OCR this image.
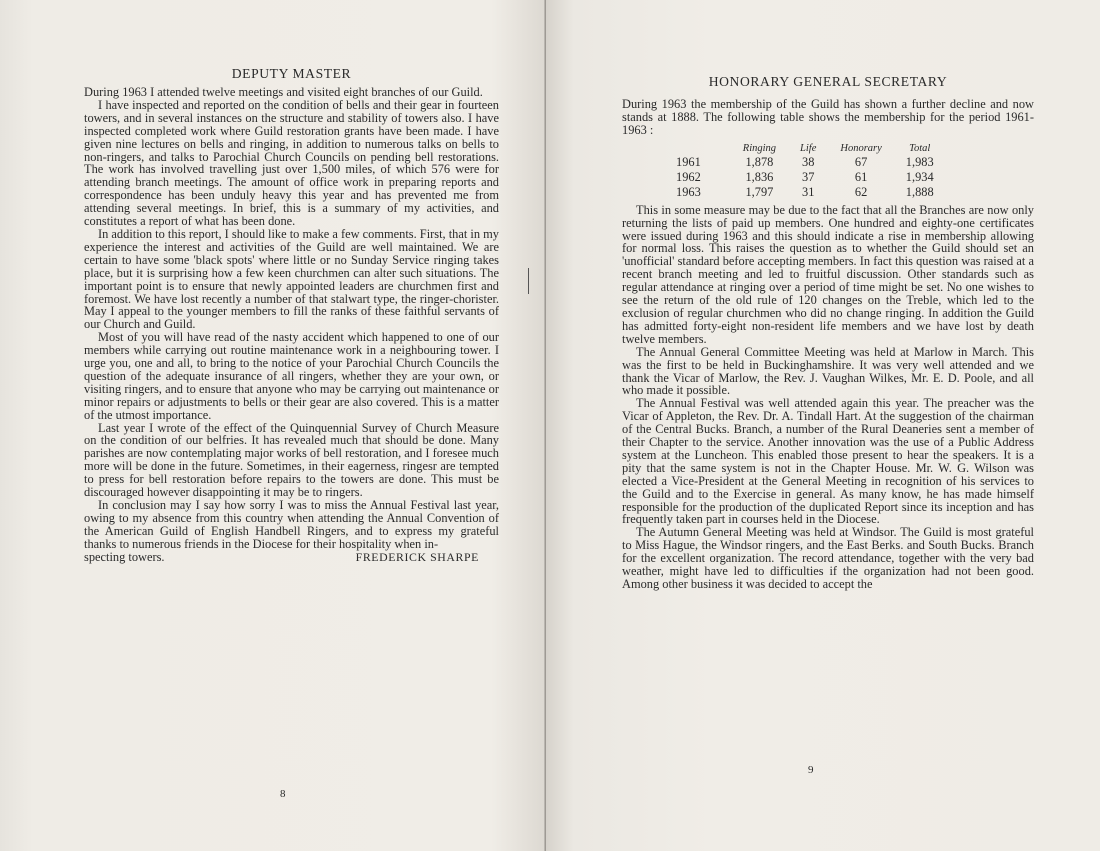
DEPUTY MASTER

During 1963 I attended twelve meetings and visited eight branches of our Guild.

I have inspected and reported on the condition of bells and their gear in fourteen towers, and in several instances on the structure and stability of towers also. I have inspected completed work where Guild restoration grants have been made. I have given nine lectures on bells and ringing, in addition to numerous talks on bells to non-ringers, and talks to Parochial Church Councils on pending bell restorations. The work has involved travelling just over 1,500 miles, of which 576 were for attending branch meetings. The amount of office work in preparing reports and correspondence has been unduly heavy this year and has prevented me from attending several meetings. In brief, this is a summary of my activities, and constitutes a report of what has been done.

In addition to this report, I should like to make a few comments. First, that in my experience the interest and activities of the Guild are well maintained. We are certain to have some 'black spots' where little or no Sunday Service ringing takes place, but it is surprising how a few keen churchmen can alter such situations. The important point is to ensure that newly appointed leaders are churchmen first and foremost. We have lost recently a number of that stalwart type, the ringer-chorister. May I appeal to the younger members to fill the ranks of these faithful servants of our Church and Guild.

Most of you will have read of the nasty accident which happened to one of our members while carrying out routine maintenance work in a neighbouring tower. I urge you, one and all, to bring to the notice of your Parochial Church Councils the question of the adequate insurance of all ringers, whether they are your own, or visiting ringers, and to ensure that anyone who may be carrying out maintenance or minor repairs or adjustments to bells or their gear are also covered. This is a matter of the utmost importance.

Last year I wrote of the effect of the Quinquennial Survey of Church Measure on the condition of our belfries. It has revealed much that should be done. Many parishes are now contemplating major works of bell restoration, and I foresee much more will be done in the future. Sometimes, in their eagerness, ringesr are tempted to press for bell restoration before repairs to the towers are done. This must be discouraged however disappointing it may be to ringers.

In conclusion may I say how sorry I was to miss the Annual Festival last year, owing to my absence from this country when attending the Annual Convention of the American Guild of English Handbell Ringers, and to express my grateful thanks to numerous friends in the Diocese for their hospitality when in-

specting towers.	FREDERICK SHARPE
8
HONORARY GENERAL SECRETARY

During 1963 the membership of the Guild has shown a further decline and now stands at 1888. The following table shows the membership for the period 1961-1963 :

	Ringing	Life	Honorary	Total
1961	1,878	38	67	1,983
1962	1,836	37	61	1,934
1963	1,797	31	62	1,888

This in some measure may be due to the fact that all the Branches are now only returning the lists of paid up members. One hundred and eighty-one certificates were issued during 1963 and this should indicate a rise in membership allowing for normal loss. This raises the question as to whether the Guild should set an 'unofficial' standard before accepting members. In fact this question was raised at a recent branch meeting and led to fruitful discussion. Other standards such as regular attendance at ringing over a period of time might be set. No one wishes to see the return of the old rule of 120 changes on the Treble, which led to the exclusion of regular churchmen who did no change ringing. In addition the Guild has admitted forty-eight non-resident life members and we have lost by death twelve members.

The Annual General Committee Meeting was held at Marlow in March. This was the first to be held in Buckinghamshire. It was very well attended and we thank the Vicar of Marlow, the Rev. J. Vaughan Wilkes, Mr. E. D. Poole, and all who made it possible.

The Annual Festival was well attended again this year. The preacher was the Vicar of Appleton, the Rev. Dr. A. Tindall Hart. At the suggestion of the chairman of the Central Bucks. Branch, a number of the Rural Deaneries sent a member of their Chapter to the service. Another innovation was the use of a Public Address system at the Luncheon. This enabled those present to hear the speakers. It is a pity that the same system is not in the Chapter House. Mr. W. G. Wilson was elected a Vice-President at the General Meeting in recognition of his services to the Guild and to the Exercise in general. As many know, he has made himself responsible for the production of the duplicated Report since its inception and has frequently taken part in courses held in the Diocese.

The Autumn General Meeting was held at Windsor. The Guild is most grateful to Miss Hague, the Windsor ringers, and the East Berks. and South Bucks. Branch for the excellent organization. The record attendance, together with the very bad weather, might have led to difficulties if the organization had not been good. Among other business it was decided to accept the

9
